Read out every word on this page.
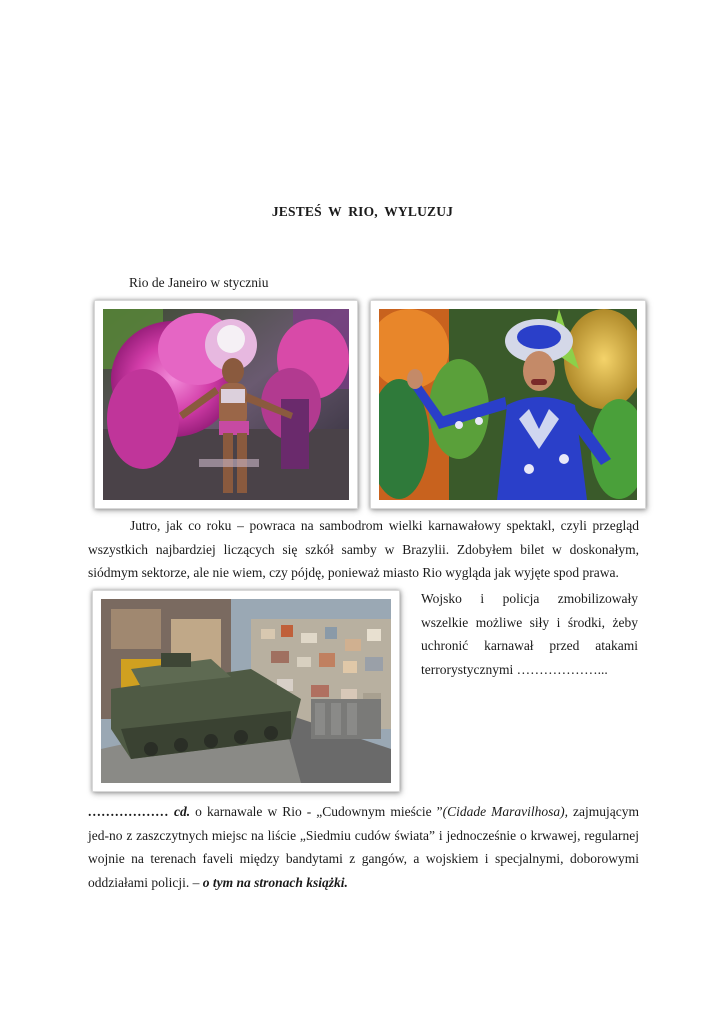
JESTEŚ W RIO, WYLUZUJ
Rio de Janeiro w styczniu
Jutro, jak co roku – powraca na sambodrom wielki karnawałowy spektakl, czyli przegląd wszystkich najbardziej liczących się szkół samby w Brazylii. Zdobyłem bilet w doskonałym, siódmym sektorze, ale nie wiem, czy pójdę, ponieważ miasto Rio wygląda jak wyjęte spod prawa.
Wojsko i policja zmobilizowały wszelkie możliwe siły i środki, żeby uchronić karnawał przed atakami terrorystycznymi ………………...
……………… cd. o karnawale w Rio - „Cudownym mieście ”(Cidade Maravilhosa), zajmującym jed-no z zaszczytnych miejsc na liście „Siedmiu cudów świata” i jednocześnie o krwawej, regularnej wojnie na terenach faveli między bandytami z gangów, a wojskiem i specjalnymi, doborowymi oddziałami policji. – o tym na stronach książki.
